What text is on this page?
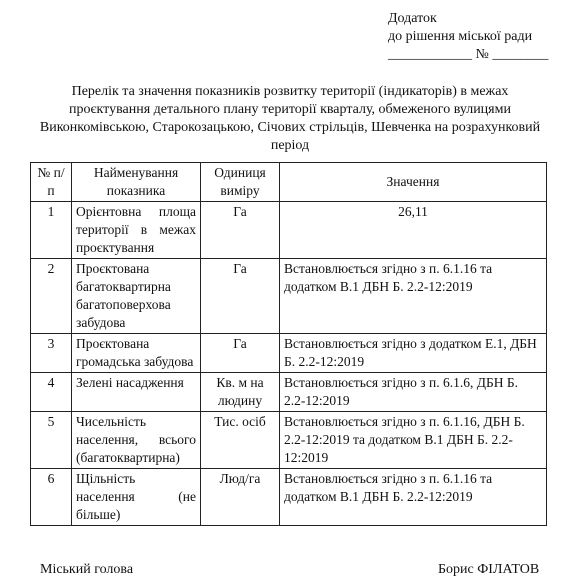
Додаток
до рішення міської ради
____________ № ________
Перелік та значення показників розвитку території (індикаторів) в межах проєктування детального плану території кварталу, обмеженого вулицями Виконкомівською, Старокозацькою, Січових стрільців, Шевченка на розрахунковий період
№ п/п	Найменування показника	Одиниця виміру	Значення
1	Орієнтовна площа території в межах проєктування	Га	26,11
2	Проєктована багатоквартирна багатоповерхова забудова	Га	Встановлюється згідно з п. 6.1.16 та додатком В.1 ДБН Б. 2.2-12:2019
3	Проєктована громадська забудова	Га	Встановлюється згідно з додатком Е.1, ДБН Б. 2.2-12:2019
4	Зелені насадження	Кв. м на людину	Встановлюється згідно з п. 6.1.6, ДБН Б. 2.2-12:2019
5	Чисельність населення, всього (багатоквартирна)	Тис. осіб	Встановлюється згідно з п. 6.1.16, ДБН Б. 2.2-12:2019 та додатком В.1 ДБН Б. 2.2-12:2019
6	Щільність населення (не більше)	Люд/га	Встановлюється згідно з п. 6.1.16 та додатком В.1 ДБН Б. 2.2-12:2019
Міський голова	Борис ФІЛАТОВ
